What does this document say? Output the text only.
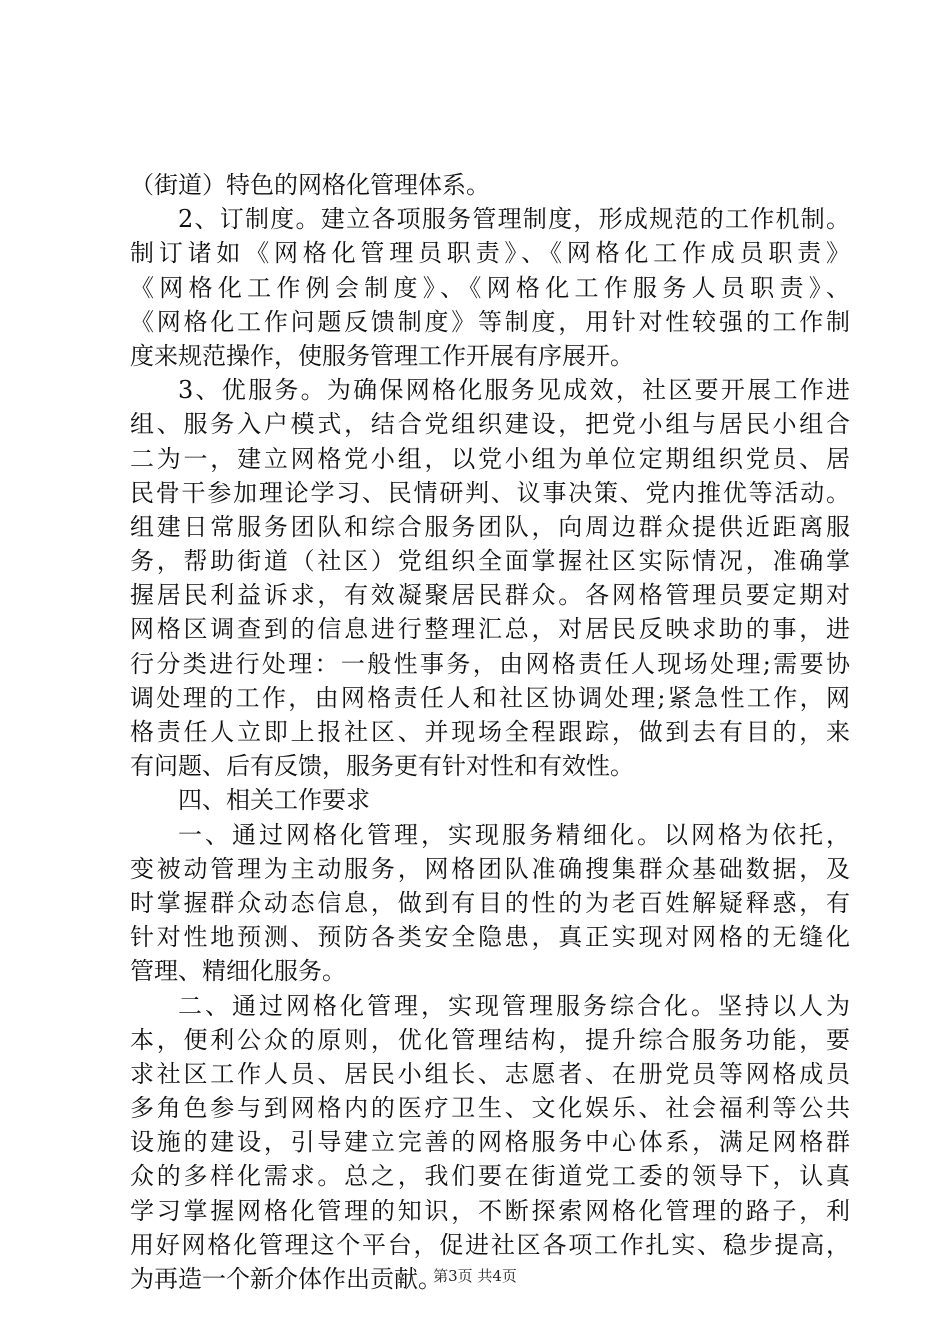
（街道）特色的网格化管理体系。
2、订制度。建立各项服务管理制度，形成规范的工作机制。
制订诸如《网格化管理员职责》、《网格化工作成员职责》
《网格化工作例会制度》、《网格化工作服务人员职责》、
《网格化工作问题反馈制度》等制度，用针对性较强的工作制
度来规范操作，使服务管理工作开展有序展开。
3、优服务。为确保网格化服务见成效，社区要开展工作进
组、服务入户模式，结合党组织建设，把党小组与居民小组合
二为一，建立网格党小组，以党小组为单位定期组织党员、居
民骨干参加理论学习、民情研判、议事决策、党内推优等活动。
组建日常服务团队和综合服务团队，向周边群众提供近距离服
务，帮助街道（社区）党组织全面掌握社区实际情况，准确掌
握居民利益诉求，有效凝聚居民群众。各网格管理员要定期对
网格区调查到的信息进行整理汇总，对居民反映求助的事，进
行分类进行处理：一般性事务，由网格责任人现场处理;需要协
调处理的工作，由网格责任人和社区协调处理;紧急性工作，网
格责任人立即上报社区、并现场全程跟踪，做到去有目的，来
有问题、后有反馈，服务更有针对性和有效性。
四、相关工作要求
一、通过网格化管理，实现服务精细化。以网格为依托，
变被动管理为主动服务，网格团队准确搜集群众基础数据，及
时掌握群众动态信息，做到有目的性的为老百姓解疑释惑，有
针对性地预测、预防各类安全隐患，真正实现对网格的无缝化
管理、精细化服务。
二、通过网格化管理，实现管理服务综合化。坚持以人为
本，便利公众的原则，优化管理结构，提升综合服务功能，要
求社区工作人员、居民小组长、志愿者、在册党员等网格成员
多角色参与到网格内的医疗卫生、文化娱乐、社会福利等公共
设施的建设，引导建立完善的网格服务中心体系，满足网格群
众的多样化需求。总之，我们要在街道党工委的领导下，认真
学习掌握网格化管理的知识，不断探索网格化管理的路子，利
用好网格化管理这个平台，促进社区各项工作扎实、稳步提高，
为再造一个新介体作出贡献。
第3页 共4页
